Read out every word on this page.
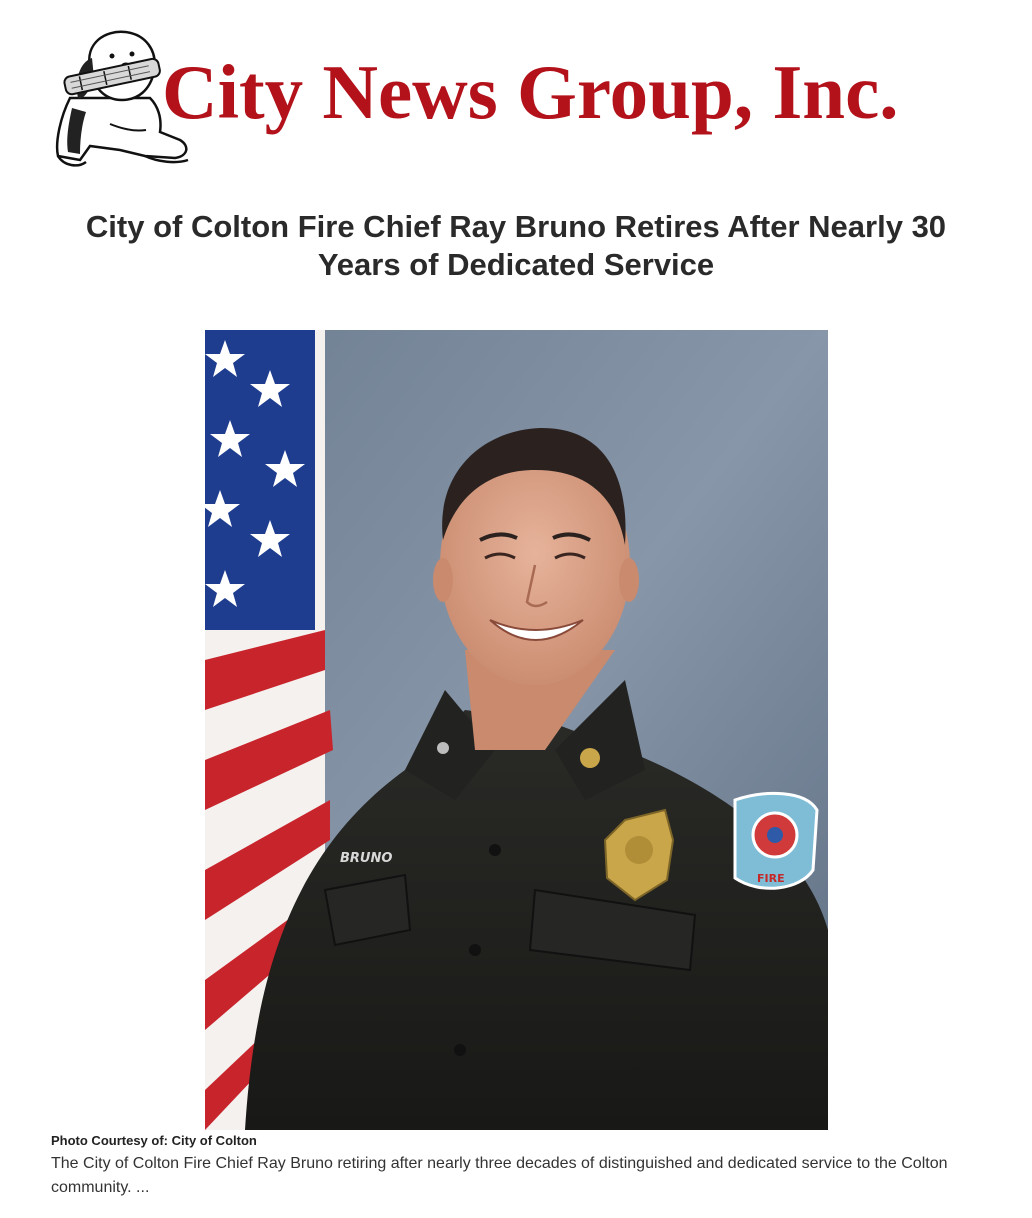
City News Group, Inc.
City of Colton Fire Chief Ray Bruno Retires After Nearly 30 Years of Dedicated Service
BRUNO
FIRE
Photo Courtesy of: City of Colton

The City of Colton Fire Chief Ray Bruno retiring after nearly three decades of distinguished and dedicated service to the Colton community. ...
